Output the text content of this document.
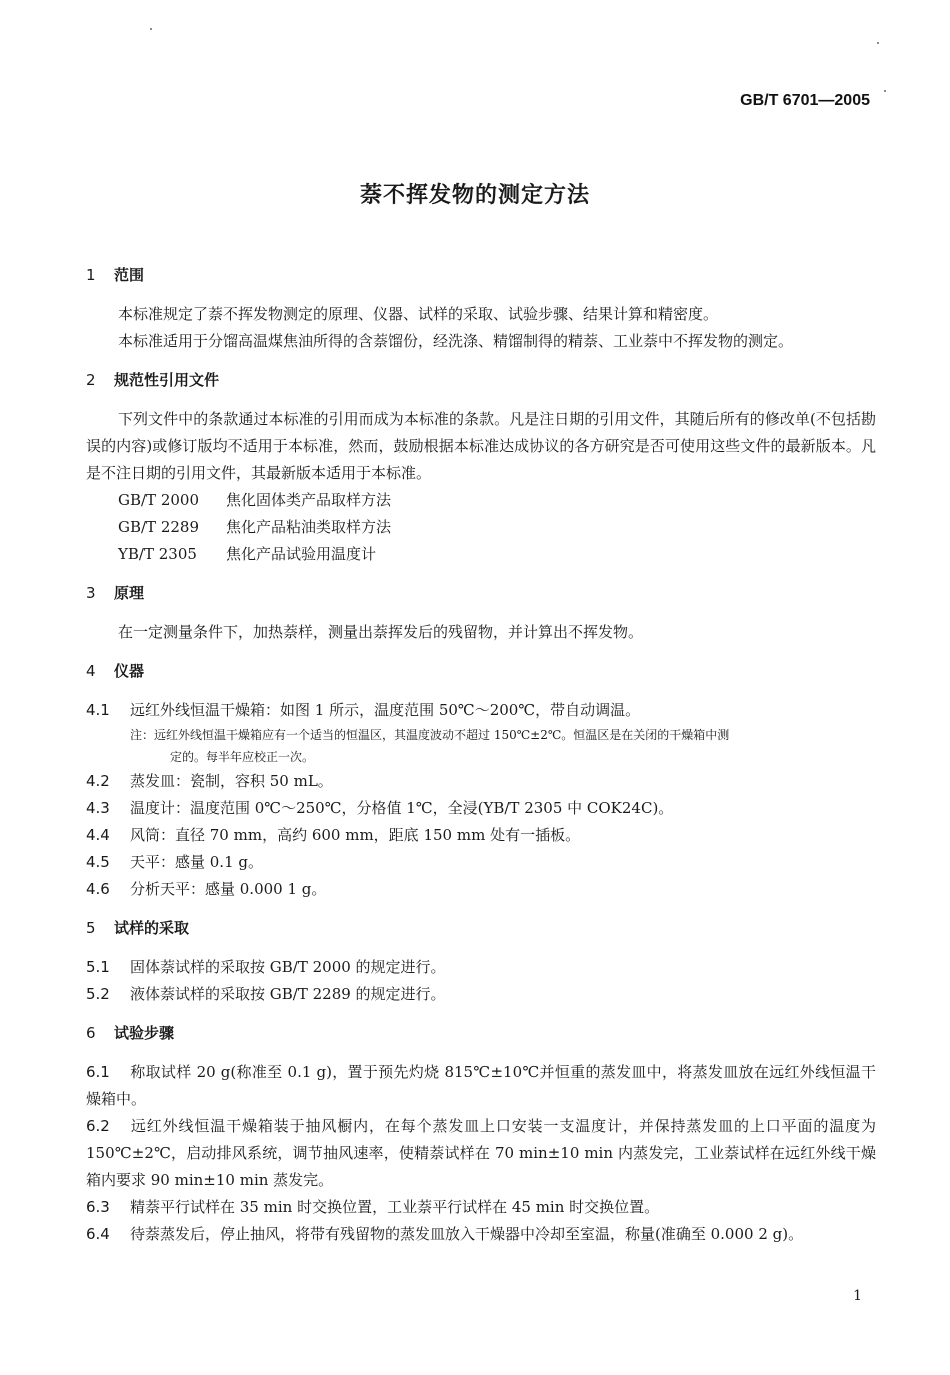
GB/T 6701—2005
萘不挥发物的测定方法
1 范围

本标准规定了萘不挥发物测定的原理、仪器、试样的采取、试验步骤、结果计算和精密度。

本标准适用于分馏高温煤焦油所得的含萘馏份，经洗涤、精馏制得的精萘、工业萘中不挥发物的测定。

2 规范性引用文件

下列文件中的条款通过本标准的引用而成为本标准的条款。凡是注日期的引用文件，其随后所有的修改单(不包括勘误的内容)或修订版均不适用于本标准，然而，鼓励根据本标准达成协议的各方研究是否可使用这些文件的最新版本。凡是不注日期的引用文件，其最新版本适用于本标准。

GB/T 2000 焦化固体类产品取样方法
GB/T 2289 焦化产品粘油类取样方法
YB/T 2305 焦化产品试验用温度计
3 原理

在一定测量条件下，加热萘样，测量出萘挥发后的残留物，并计算出不挥发物。

4 仪器
4.1 远红外线恒温干燥箱：如图 1 所示，温度范围 50℃～200℃，带自动调温。
注：远红外线恒温干燥箱应有一个适当的恒温区，其温度波动不超过 150℃±2℃。恒温区是在关闭的干燥箱中测
定的。每半年应校正一次。
4.2 蒸发皿：瓷制，容积 50 mL。
4.3 温度计：温度范围 0℃～250℃，分格值 1℃，全浸(YB/T 2305 中 COK24C)。
4.4 风筒：直径 70 mm，高约 600 mm，距底 150 mm 处有一插板。
4.5 天平：感量 0.1 g。
4.6 分析天平：感量 0.000 1 g。
5 试样的采取
5.1 固体萘试样的采取按 GB/T 2000 的规定进行。
5.2 液体萘试样的采取按 GB/T 2289 的规定进行。
6 试验步骤
6.1 称取试样 20 g(称准至 0.1 g)，置于预先灼烧 815℃±10℃并恒重的蒸发皿中，将蒸发皿放在远红外线恒温干燥箱中。
6.2 远红外线恒温干燥箱装于抽风橱内，在每个蒸发皿上口安装一支温度计，并保持蒸发皿的上口平面的温度为 150℃±2℃，启动排风系统，调节抽风速率，使精萘试样在 70 min±10 min 内蒸发完，工业萘试样在远红外线干燥箱内要求 90 min±10 min 蒸发完。
6.3 精萘平行试样在 35 min 时交换位置，工业萘平行试样在 45 min 时交换位置。
6.4 待萘蒸发后，停止抽风，将带有残留物的蒸发皿放入干燥器中冷却至室温，称量(准确至 0.000 2 g)。
1
